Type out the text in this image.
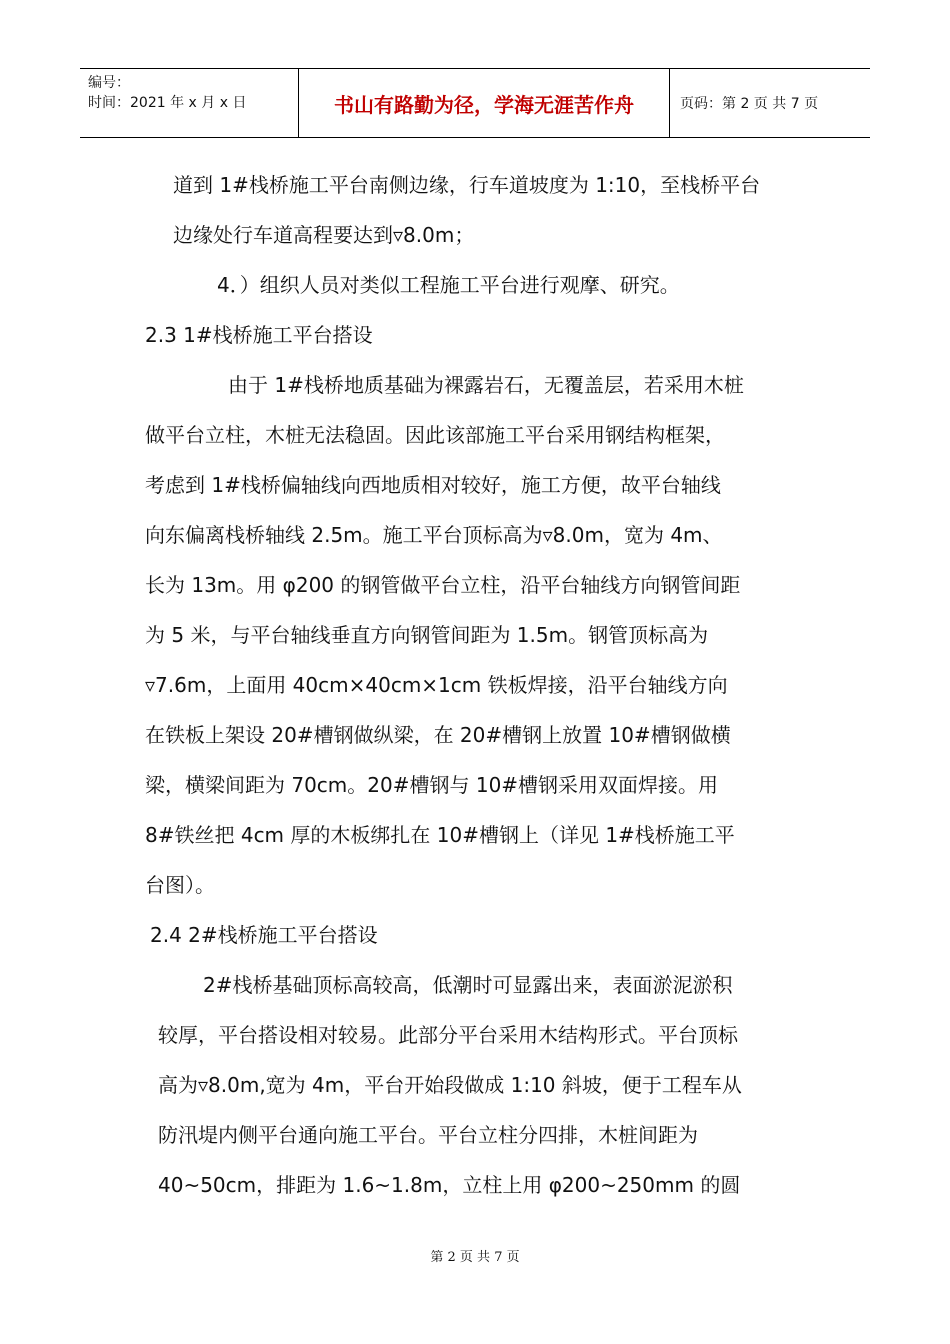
编号：
时间：2021 年 x 月 x 日	书山有路勤为径，学海无涯苦作舟	页码：第 2 页 共 7 页
道到 1#栈桥施工平台南侧边缘，行车道坡度为 1:10，至栈桥平台
边缘处行车道高程要达到▿8.0m；
4．）组织人员对类似工程施工平台进行观摩、研究。
2.3 1#栈桥施工平台搭设
由于 1#栈桥地质基础为裸露岩石，无覆盖层，若采用木桩
做平台立柱，木桩无法稳固。因此该部施工平台采用钢结构框架，
考虑到 1#栈桥偏轴线向西地质相对较好，施工方便，故平台轴线
向东偏离栈桥轴线 2.5m。施工平台顶标高为▿8.0m，宽为 4m、
长为 13m。用 φ200 的钢管做平台立柱，沿平台轴线方向钢管间距
为 5 米，与平台轴线垂直方向钢管间距为 1.5m。钢管顶标高为
▿7.6m，上面用 40cm×40cm×1cm 铁板焊接，沿平台轴线方向
在铁板上架设 20#槽钢做纵梁，在 20#槽钢上放置 10#槽钢做横
梁，横梁间距为 70cm。20#槽钢与 10#槽钢采用双面焊接。用
8#铁丝把 4cm 厚的木板绑扎在 10#槽钢上（详见 1#栈桥施工平
台图）。
2.4 2#栈桥施工平台搭设
2#栈桥基础顶标高较高，低潮时可显露出来，表面淤泥淤积
较厚，平台搭设相对较易。此部分平台采用木结构形式。平台顶标
高为▿8.0m,宽为 4m，平台开始段做成 1:10 斜坡，便于工程车从
防汛堤内侧平台通向施工平台。平台立柱分四排，木桩间距为
40~50cm，排距为 1.6~1.8m，立柱上用 φ200~250mm 的圆
第 2 页 共 7 页
